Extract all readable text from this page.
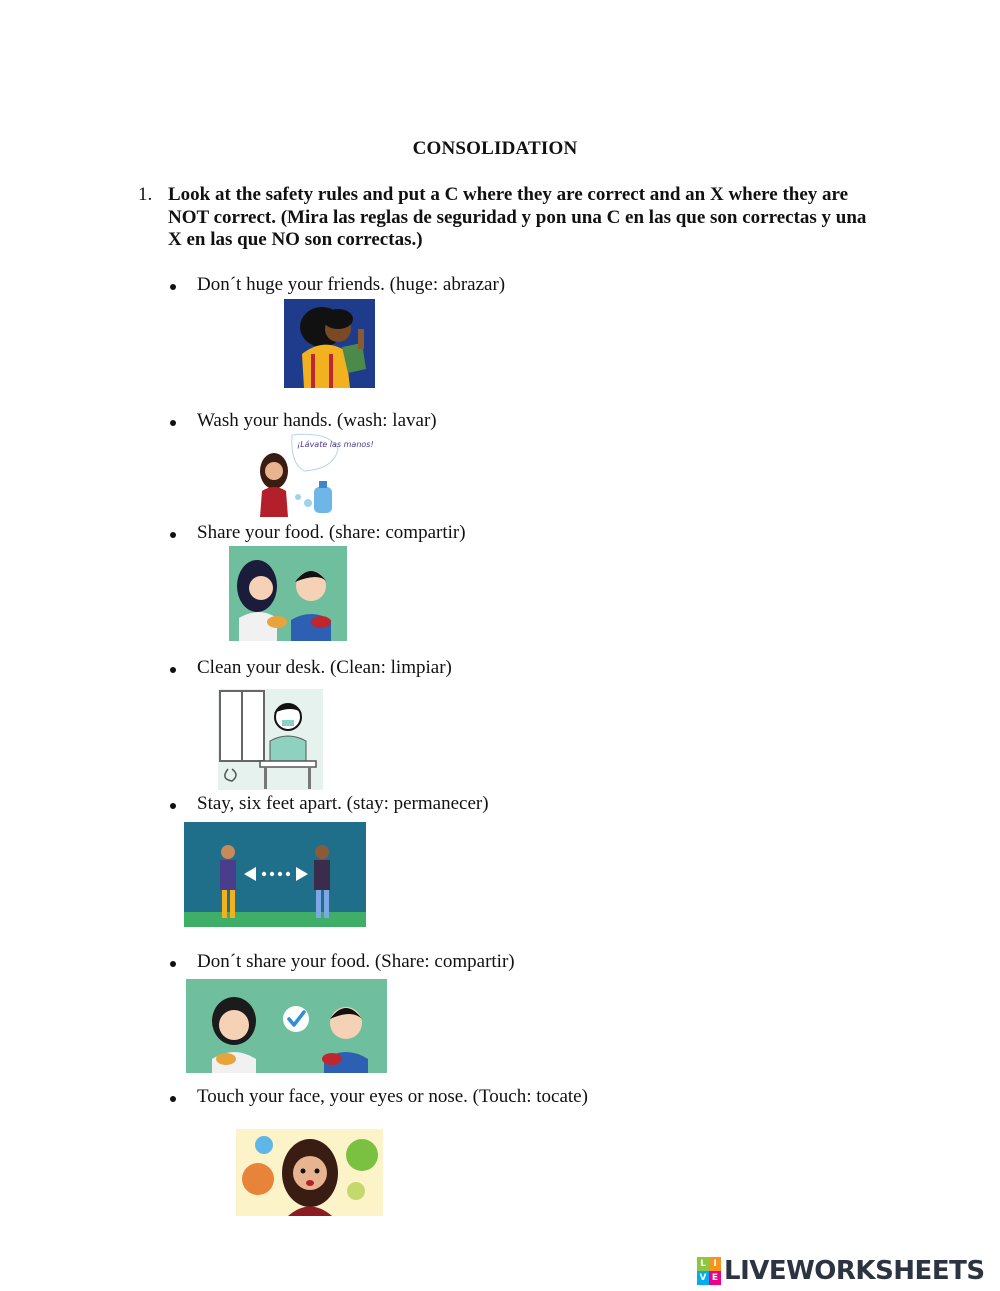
CONSOLIDATION
1. Look at the safety rules and put a C where they are correct and an X where they are NOT correct. (Mira las reglas de seguridad y pon una C en las que son correctas y una X en las que NO son correctas.)
Don´t huge your friends. (huge: abrazar)
Wash your hands. (wash: lavar)
¡Lávate las manos!
Share your food. (share: compartir)
Clean your desk. (Clean: limpiar)
Stay, six feet apart. (stay: permanecer)
Don´t share your food. (Share: compartir)
Touch your face, your eyes or nose. (Touch: tocate)
L I
V E LIVEWORKSHEETS
